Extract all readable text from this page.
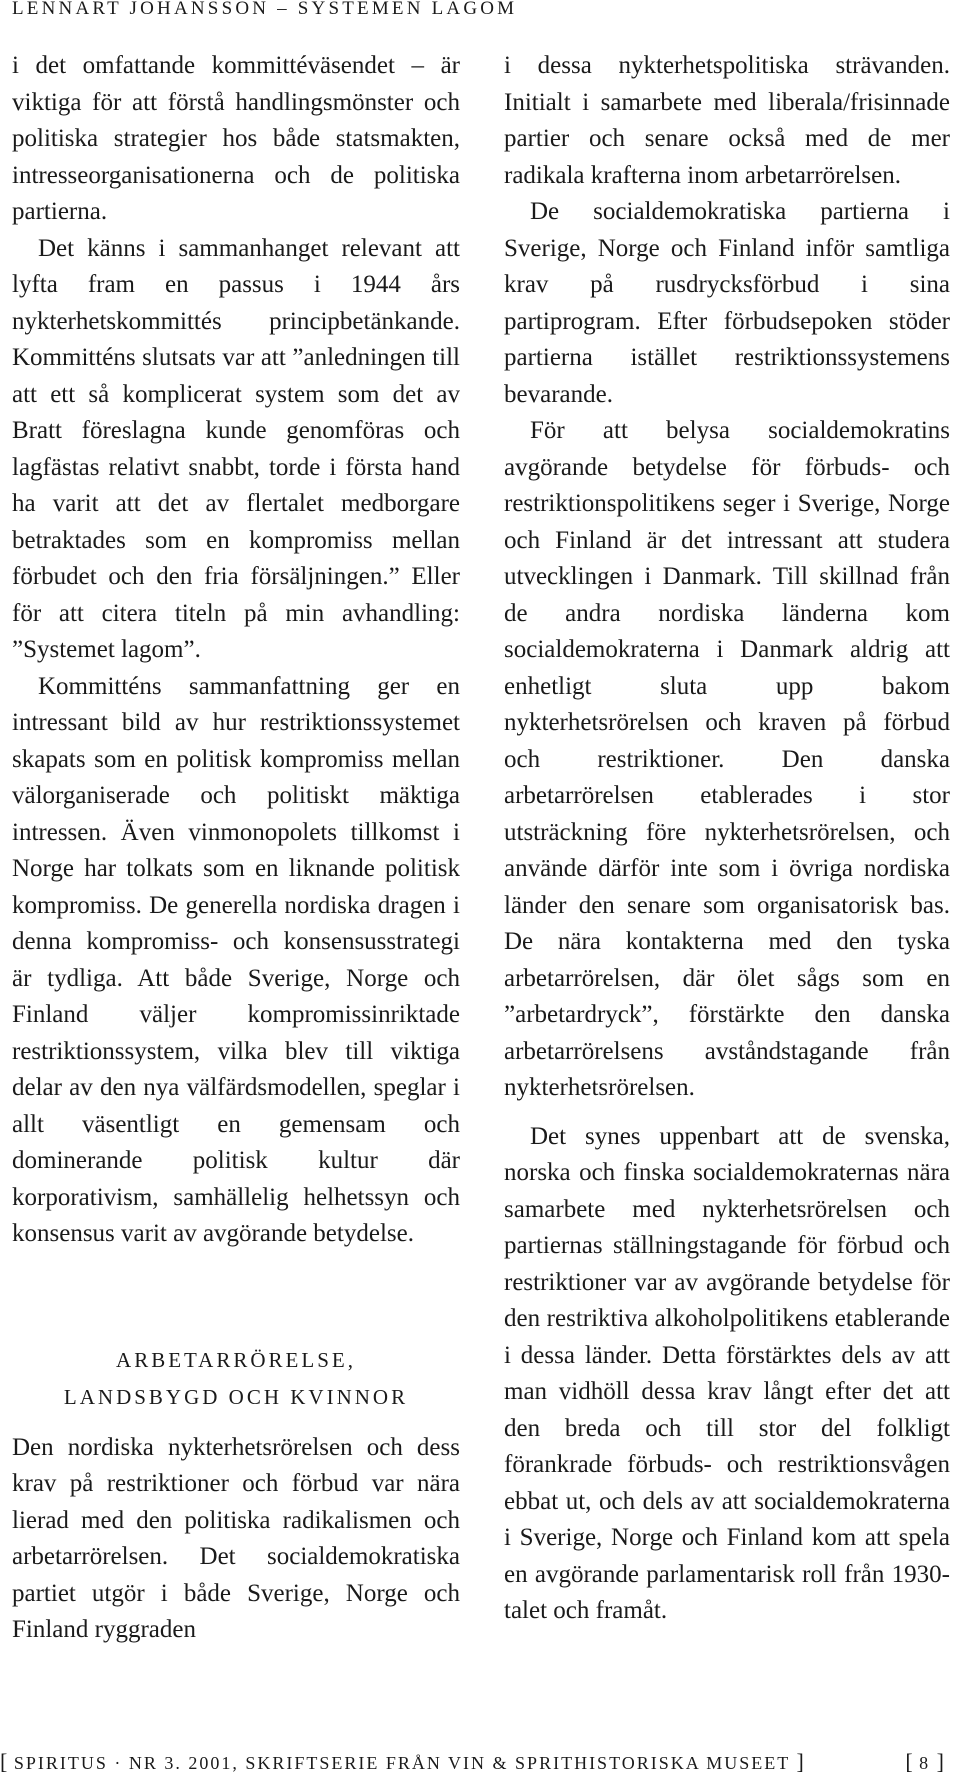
LENNART JOHANSSON – SYSTEMEN LAGOM

i det omfattande kommittéväsendet – är viktiga för att förstå handlingsmönster och politiska strategier hos både statsmakten, intresseorganisationerna och de politiska partierna.

Det känns i sammanhanget relevant att lyfta fram en passus i 1944 års nykterhetskommittés principbetänkande. Kommitténs slutsats var att ”anledningen till att ett så komplicerat system som det av Bratt föreslagna kunde genomföras och lagfästas relativt snabbt, torde i första hand ha varit att det av flertalet medborgare betraktades som en kompromiss mellan förbudet och den fria försäljningen.” Eller för att citera titeln på min avhandling: ”Systemet lagom”.

Kommitténs sammanfattning ger en intressant bild av hur restriktionssystemet skapats som en politisk kompromiss mellan välorganiserade och politiskt mäktiga intressen. Även vinmonopolets tillkomst i Norge har tolkats som en liknande politisk kompromiss. De generella nordiska dragen i denna kompromiss- och konsensusstrategi är tydliga. Att både Sverige, Norge och Finland väljer kompromissinriktade restriktionssystem, vilka blev till viktiga delar av den nya välfärdsmodellen, speglar i allt väsentligt en gemensam och dominerande politisk kultur där korporativism, samhällelig helhetssyn och konsensus varit av avgörande betydelse.

ARBETARRÖRELSE,
LANDSBYGD OCH KVINNOR

Den nordiska nykterhetsrörelsen och dess krav på restriktioner och förbud var nära lierad med den politiska radikalismen och arbetarrörelsen. Det socialdemokratiska partiet utgör i både Sverige, Norge och Finland ryggraden

i dessa nykterhetspolitiska strävanden. Initialt i samarbete med liberala/frisinnade partier och senare också med de mer radikala krafterna inom arbetarrörelsen.

De socialdemokratiska partierna i Sverige, Norge och Finland inför samtliga krav på rusdrycksförbud i sina partiprogram. Efter förbudsepoken stöder partierna istället restriktionssystemens bevarande.

För att belysa socialdemokratins avgörande betydelse för förbuds- och restriktionspolitikens seger i Sverige, Norge och Finland är det intressant att studera utvecklingen i Danmark. Till skillnad från de andra nordiska länderna kom socialdemokraterna i Danmark aldrig att enhetligt sluta upp bakom nykterhetsrörelsen och kraven på förbud och restriktioner. Den danska arbetarrörelsen etablerades i stor utsträckning före nykterhetsrörelsen, och använde därför inte som i övriga nordiska länder den senare som organisatorisk bas. De nära kontakterna med den tyska arbetarrörelsen, där ölet sågs som en ”arbetardryck”, förstärkte den danska arbetarrörelsens avståndstagande från nykterhetsrörelsen.

Det synes uppenbart att de svenska, norska och finska socialdemokraternas nära samarbete med nykterhetsrörelsen och partiernas ställningstagande för förbud och restriktioner var av avgörande betydelse för den restriktiva alkoholpolitikens etablerande i dessa länder. Detta förstärktes dels av att man vidhöll dessa krav långt efter det att den breda och till stor del folkligt förankrade förbuds- och restriktionsvågen ebbat ut, och dels av att socialdemokraterna i Sverige, Norge och Finland kom att spela en avgörande parlamentarisk roll från 1930-talet och framåt.

[ SPIRITUS · NR 3. 2001, SKRIFTSERIE FRÅN VIN & SPRITHISTORISKA MUSEET ]	[ 8 ]
